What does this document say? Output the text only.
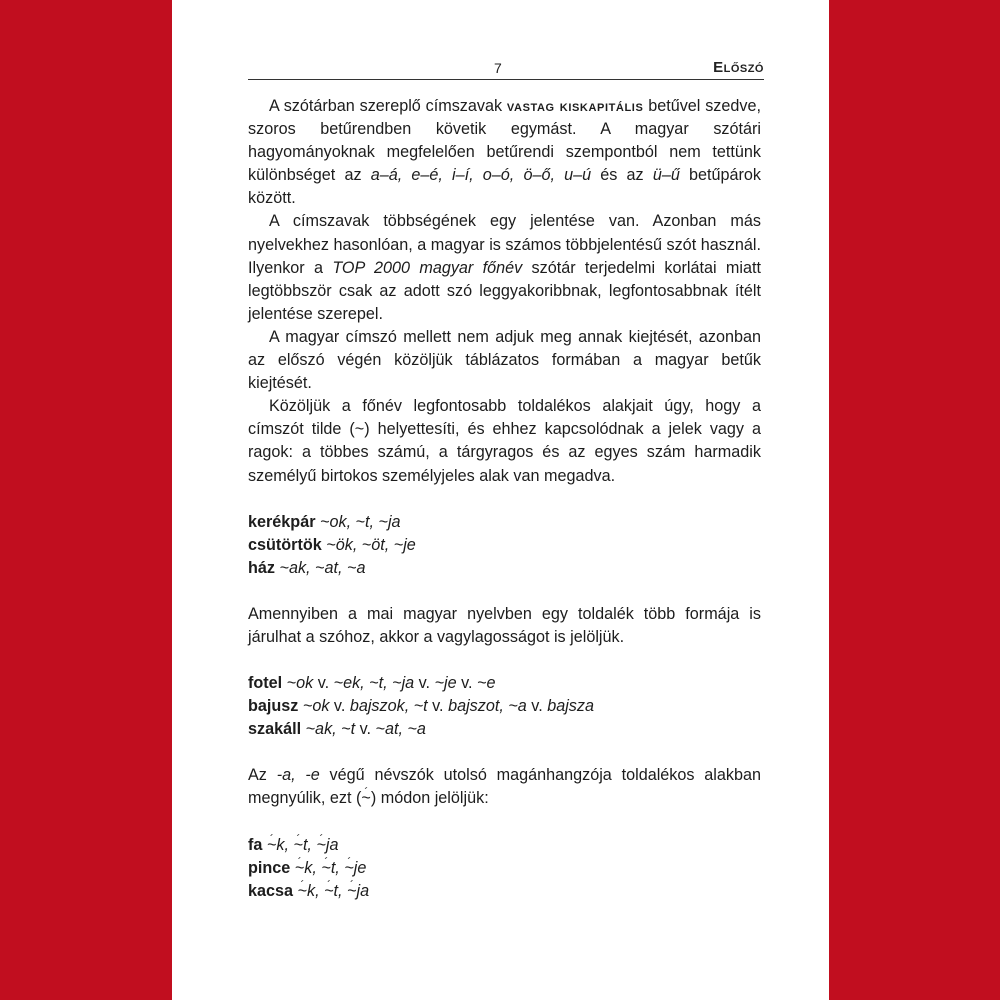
7	Előszó

A szótárban szereplő címszavak vastag kiskapitális betűvel szedve, szoros betűrendben követik egymást. A magyar szótári hagyományoknak megfelelően betűrendi szempontból nem tettünk különbséget az a–á, e–é, i–í, o–ó, ö–ő, u–ú és az ü–ű betűpárok között.

A címszavak többségének egy jelentése van. Azonban más nyelvekhez hasonlóan, a magyar is számos többjelentésű szót használ. Ilyenkor a TOP 2000 magyar főnév szótár terjedelmi korlátai miatt legtöbbször csak az adott szó leggyakoribbnak, legfontosabbnak ítélt jelentése szerepel.

A magyar címszó mellett nem adjuk meg annak kiejtését, azonban az előszó végén közöljük táblázatos formában a magyar betűk kiejtését.

Közöljük a főnév legfontosabb toldalékos alakjait úgy, hogy a címszót tilde (~) helyettesíti, és ehhez kapcsolódnak a jelek vagy a ragok: a többes számú, a tárgyragos és az egyes szám harmadik személyű birtokos személyjeles alak van megadva.

kerékpár ~ok, ~t, ~ja
csütörtök ~ök, ~öt, ~je
ház ~ak, ~at, ~a

Amennyiben a mai magyar nyelvben egy toldalék több formája is járulhat a szóhoz, akkor a vagylagosságot is jelöljük.

fotel ~ok v. ~ek, ~t, ~ja v. ~je v. ~e
bajusz ~ok v. bajszok, ~t v. bajszot, ~a v. bajsza
szakáll ~ak, ~t v. ~at, ~a

Az -a, -e végű névszók utolsó magánhangzója toldalékos alakban megnyúlik, ezt (´ ~) módon jelöljük:

fa ´ ~k, ´ ~t, ´ ~ja
pince ´ ~k, ´ ~t, ´ ~je
kacsa ´ ~k, ´ ~t, ´ ~ja
